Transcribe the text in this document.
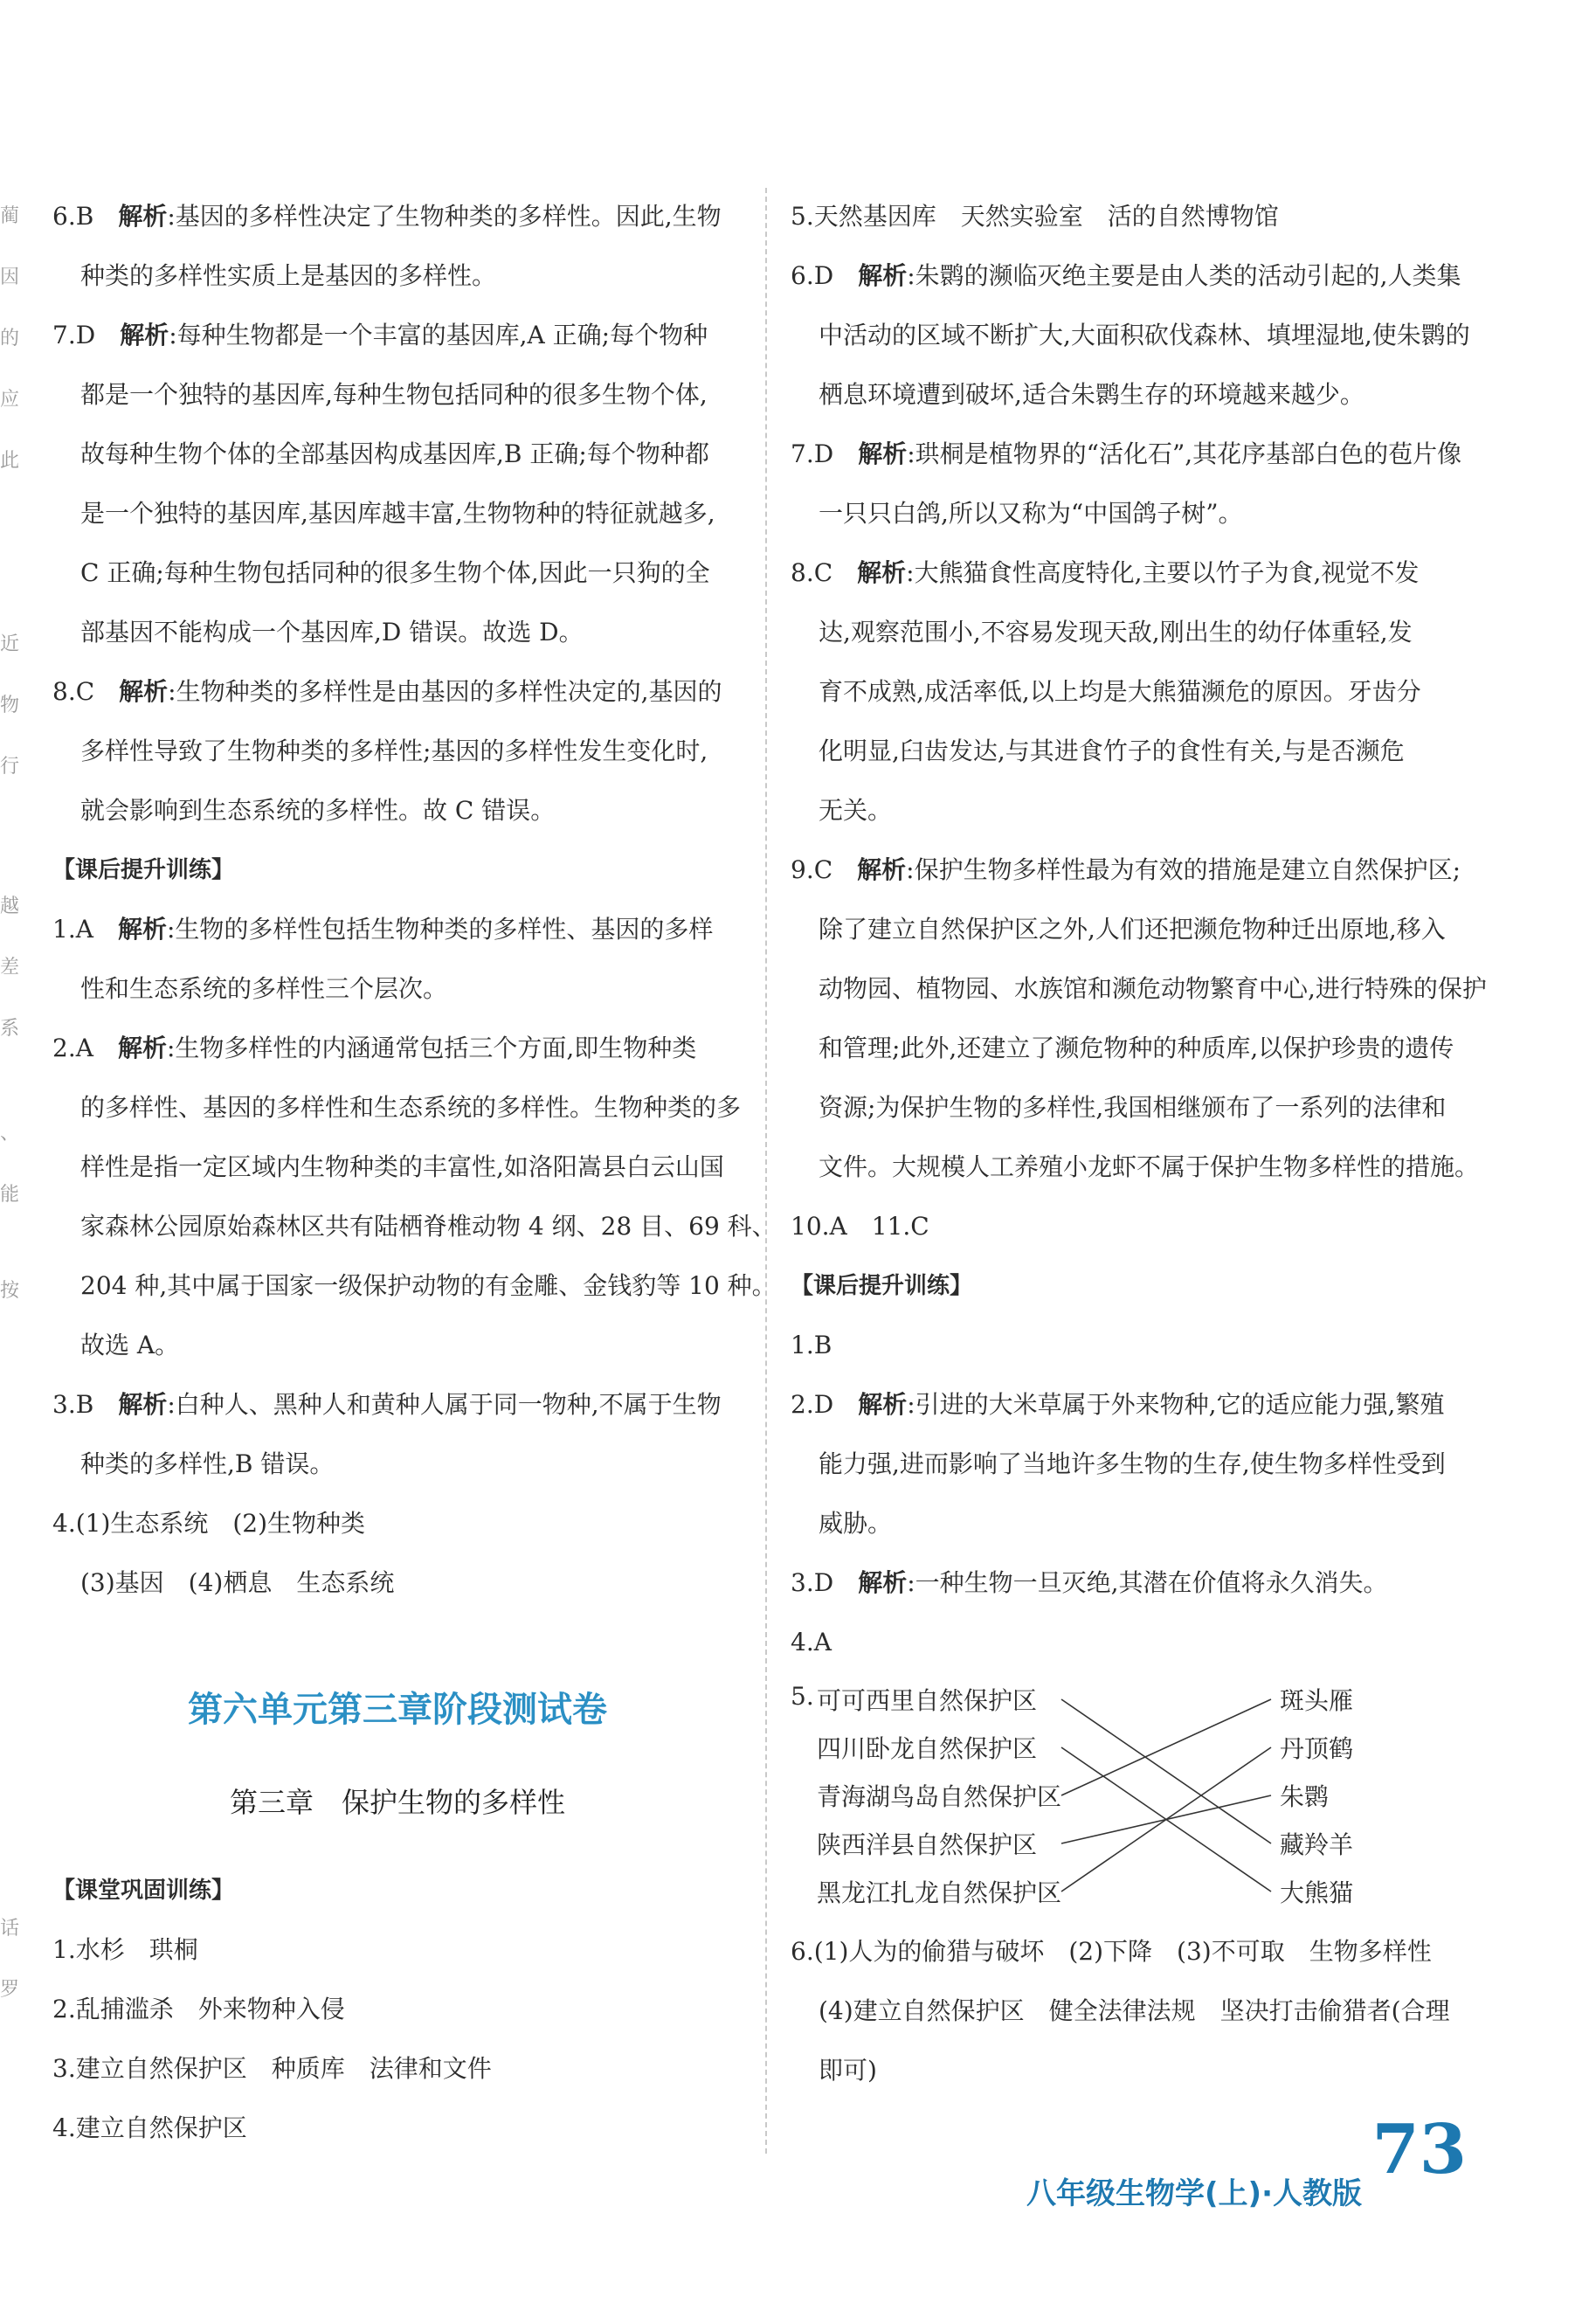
蔺
因
的
应
此
近
物
行
越
差
系
、
能
按
话
罗
6.B　 解析:基因的多样性决定了生物种类的多样性。因此,生物
种类的多样性实质上是基因的多样性。
7.D　 解析:每种生物都是一个丰富的基因库,A 正确;每个物种
都是一个独特的基因库,每种生物包括同种的很多生物个体,
故每种生物个体的全部基因构成基因库,B 正确;每个物种都
是一个独特的基因库,基因库越丰富,生物物种的特征就越多,
C 正确;每种生物包括同种的很多生物个体,因此一只狗的全
部基因不能构成一个基因库,D 错误。故选 D。
8.C　 解析:生物种类的多样性是由基因的多样性决定的,基因的
多样性导致了生物种类的多样性;基因的多样性发生变化时,
就会影响到生态系统的多样性。故 C 错误。
【课后提升训练】
1.A　 解析:生物的多样性包括生物种类的多样性、基因的多样
性和生态系统的多样性三个层次。
2.A　 解析:生物多样性的内涵通常包括三个方面,即生物种类
的多样性、基因的多样性和生态系统的多样性。生物种类的多
样性是指一定区域内生物种类的丰富性,如洛阳嵩县白云山国
家森林公园原始森林区共有陆栖脊椎动物 4 纲、28 目、69 科、
204 种,其中属于国家一级保护动物的有金雕、金钱豹等 10 种。
故选 A。
3.B　 解析:白种人、黑种人和黄种人属于同一物种,不属于生物
种类的多样性,B 错误。
4.(1)生态系统　(2)生物种类
(3)基因　(4)栖息　生态系统
第六单元第三章阶段测试卷
第三章　保护生物的多样性
【课堂巩固训练】
1.水杉　珙桐
2.乱捕滥杀　外来物种入侵
3.建立自然保护区　种质库　法律和文件
4.建立自然保护区
5.天然基因库　天然实验室　活的自然博物馆
6.D　 解析:朱鹮的濒临灭绝主要是由人类的活动引起的,人类集
中活动的区域不断扩大,大面积砍伐森林、填埋湿地,使朱鹮的
栖息环境遭到破坏,适合朱鹮生存的环境越来越少。
7.D　 解析:珙桐是植物界的“活化石”,其花序基部白色的苞片像
一只只白鸽,所以又称为“中国鸽子树”。
8.C　 解析:大熊猫食性高度特化,主要以竹子为食,视觉不发
达,观察范围小,不容易发现天敌,刚出生的幼仔体重轻,发
育不成熟,成活率低,以上均是大熊猫濒危的原因。牙齿分
化明显,臼齿发达,与其进食竹子的食性有关,与是否濒危
无关。
9.C　 解析:保护生物多样性最为有效的措施是建立自然保护区;
除了建立自然保护区之外,人们还把濒危物种迁出原地,移入
动物园、植物园、水族馆和濒危动物繁育中心,进行特殊的保护
和管理;此外,还建立了濒危物种的种质库,以保护珍贵的遗传
资源;为保护生物的多样性,我国相继颁布了一系列的法律和
文件。大规模人工养殖小龙虾不属于保护生物多样性的措施。
10.A　11.C
【课后提升训练】
1.B
2.D　 解析:引进的大米草属于外来物种,它的适应能力强,繁殖
能力强,进而影响了当地许多生物的生存,使生物多样性受到
威胁。
3.D　 解析:一种生物一旦灭绝,其潜在价值将永久消失。
4.A
5. 可可西里自然保护区
四川卧龙自然保护区
青海湖鸟岛自然保护区
陕西洋县自然保护区
黑龙江扎龙自然保护区
斑头雁
丹顶鹤
朱鹮
藏羚羊
大熊猫
6.(1)人为的偷猎与破坏　(2)下降　(3)不可取　生物多样性
(4)建立自然保护区　健全法律法规　坚决打击偷猎者(合理
即可)
八年级生物学(上)·人教版
73
